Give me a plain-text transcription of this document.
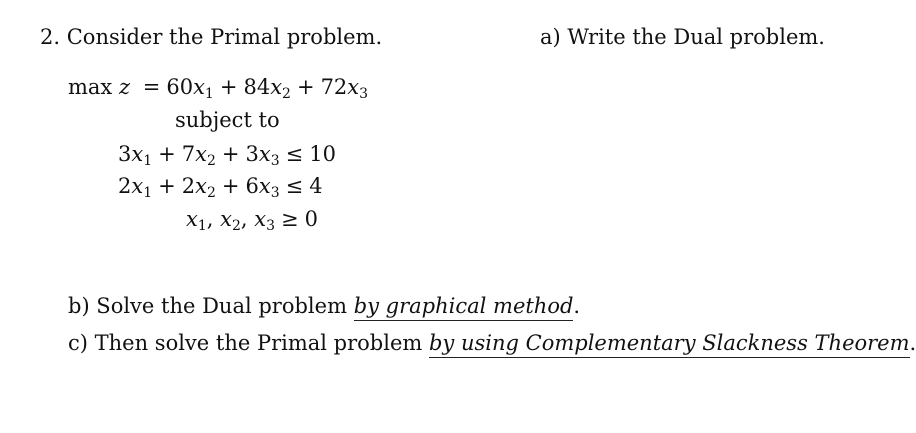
2. Consider the Primal problem.	a) Write the Dual problem.
$\max z = 60x_1 + 84x_2 + 72x_3$
subject to
$3x_1 + 7x_2 + 3x_3 \le 10$
$2x_1 + 2x_2 + 6x_3 \le 4$
$x_1$, $x_2$, $x_3 \ge 0$
b) Solve the Dual problem by graphical method.
c) Then solve the Primal problem by using Complementary Slackness Theorem.
